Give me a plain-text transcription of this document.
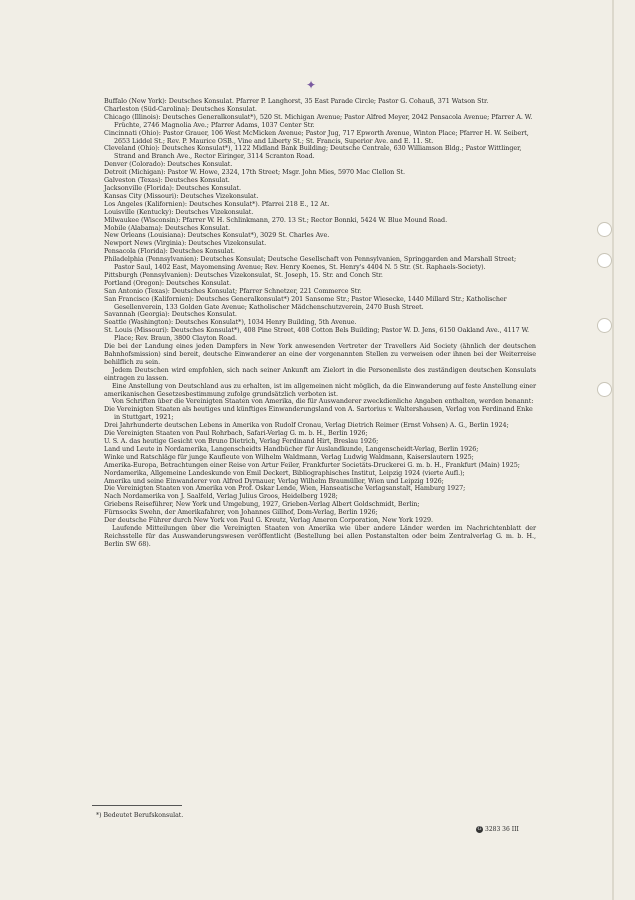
✦

Buffalo (New York): Deutsches Konsulat. Pfarrer P. Langhorst, 35 East Parade Circle; Pastor G. Cohauß, 371 Watson Str.

Charleston (Süd-Carolina): Deutsches Konsulat.

Chicago (Illinois): Deutsches Generalkonsulat*), 520 St. Michigan Avenue; Pastor Alfred Meyer, 2042 Pensacola Avenue; Pfarrer A. W. Früchte, 2746 Magnolia Ave.; Pfarrer Adams, 1037 Center Str.

Cincinnati (Ohio): Pastor Grauer, 106 West McMicken Avenue; Pastor Jug, 717 Epworth Avenue, Winton Place; Pfarrer H. W. Seibert, 2653 Liddel St.; Rev. P. Maurice OSB., Vine and Liberty St.; St. Francis, Superior Ave. and E. 11. St.

Cleveland (Ohio): Deutsches Konsulat*), 1122 Midland Bank Building; Deutsche Centrale, 630 Williamson Bldg.; Pastor Wittlinger, Strand and Branch Ave., Rector Eiringer, 3114 Scranton Road.

Denver (Colorado): Deutsches Konsulat.

Detroit (Michigan): Pastor W. Howe, 2324, 17th Street; Msgr. John Mies, 5970 Mac Clellon St.

Galveston (Texas): Deutsches Konsulat.

Jacksonville (Florida): Deutsches Konsulat.

Kansas City (Missouri): Deutsches Vizekonsulat.

Los Angeles (Kalifornien): Deutsches Konsulat*). Pfarrei 218 E., 12 At.

Louisville (Kentucky): Deutsches Vizekonsulat.

Milwaukee (Wisconsin): Pfarrer W. H. Schlinkmann, 270. 13 St.; Rector Bonnki, 5424 W. Blue Mound Road.

Mobile (Alabama): Deutsches Konsulat.

New Orleans (Louisiana): Deutsches Konsulat*), 3029 St. Charles Ave.

Newport News (Virginia): Deutsches Vizekonsulat.

Pensacola (Florida): Deutsches Konsulat.

Philadelphia (Pennsylvanien): Deutsches Konsulat; Deutsche Gesellschaft von Pennsylvanien, Springgarden and Marshall Street; Pastor Saul, 1402 East, Mayomensing Avenue; Rev. Henry Koenes, St. Henry's 4404 N. 5 Str. (St. Raphaels-Society).

Pittsburgh (Pennsylvanien): Deutsches Vizekonsulat, St. Joseph, 15. Str. and Conch Str.

Portland (Oregon): Deutsches Konsulat.

San Antonio (Texas): Deutsches Konsulat; Pfarrer Schnetzer, 221 Commerce Str.

San Francisco (Kalifornien): Deutsches Generalkonsulat*) 201 Sansome Str.; Pastor Wiesecke, 1440 Millard Str.; Katholischer Gesellenverein, 133 Golden Gate Avenue; Katholischer Mädchenschutzverein, 2470 Bush Street.

Savannah (Georgia): Deutsches Konsulat.

Seattle (Washington): Deutsches Konsulat*), 1034 Henry Building, 5th Avenue.

St. Louis (Missouri): Deutsches Konsulat*), 408 Pine Street, 408 Cotton Bels Building; Pastor W. D. Jens, 6150 Oakland Ave., 4117 W. Place; Rev. Braun, 3800 Clayton Road.

Die bei der Landung eines jeden Dampfers in New York anwesenden Vertreter der Travellers Aid Society (ähnlich der deutschen Bahnhofsmission) sind bereit, deutsche Einwanderer an eine der vorgenannten Stellen zu verweisen oder ihnen bei der Weiterreise behilflich zu sein.

Jedem Deutschen wird empfohlen, sich nach seiner Ankunft am Zielort in die Personenliste des zuständigen deutschen Konsulats eintragen zu lassen.

Eine Anstellung von Deutschland aus zu erhalten, ist im allgemeinen nicht möglich, da die Einwanderung auf feste Anstellung einer amerikanischen Gesetzesbestimmung zufolge grundsätzlich verboten ist.

Von Schriften über die Vereinigten Staaten von Amerika, die für Auswanderer zweckdienliche Angaben enthalten, werden benannt:

Die Vereinigten Staaten als heutiges und künftiges Einwanderungsland von A. Sartorius v. Waltershausen, Verlag von Ferdinand Enke in Stuttgart, 1921;

Drei Jahrhunderte deutschen Lebens in Amerika von Rudolf Cronau, Verlag Dietrich Reimer (Ernst Vohsen) A. G., Berlin 1924;

Die Vereinigten Staaten von Paul Rohrbach, Safari-Verlag G. m. b. H., Berlin 1926;

U. S. A. das heutige Gesicht von Bruno Dietrich, Verlag Ferdinand Hirt, Breslau 1926;

Land und Leute in Nordamerika, Langenscheidts Handbücher für Auslandkunde, Langenscheidt-Verlag, Berlin 1926;

Winke und Ratschläge für junge Kaufleute von Wilhelm Waldmann, Verlag Ludwig Waldmann, Kaiserslautern 1925;

Amerika-Europa, Betrachtungen einer Reise von Artur Feiler, Frankfurter Societäts-Druckerei G. m. b. H., Frankfurt (Main) 1925;

Nordamerika, Allgemeine Landeskunde von Emil Deckert, Bibliographisches Institut, Leipzig 1924 (vierte Aufl.);

Amerika und seine Einwanderer von Alfred Dyrnauer, Verlag Wilhelm Braumüller, Wien und Leipzig 1926;

Die Vereinigten Staaten von Amerika von Prof. Oskar Lende, Wien, Hanseatische Verlagsanstalt, Hamburg 1927;

Nach Nordamerika von J. Saalfeld, Verlag Julius Groos, Heidelberg 1928;

Griebens Reiseführer, New York und Umgebung, 1927, Grieben-Verlag Albert Goldschmidt, Berlin;

Fürnsocks Swehn, der Amerikafahrer, von Johannes Gillhof, Dom-Verlag, Berlin 1926;

Der deutsche Führer durch New York von Paul G. Kreutz, Verlag Ameron Corporation, New York 1929.

Laufende Mitteilungen über die Vereinigten Staaten von Amerika wie über andere Länder werden im Nachrichtenblatt der Reichsstelle für das Auswanderungswesen veröffentlicht (Bestellung bei allen Postanstalten oder beim Zentralverlag G. m. b. H., Berlin SW 68).

*) Bedeutet Berufskonsulat.
G 3283 36 III
